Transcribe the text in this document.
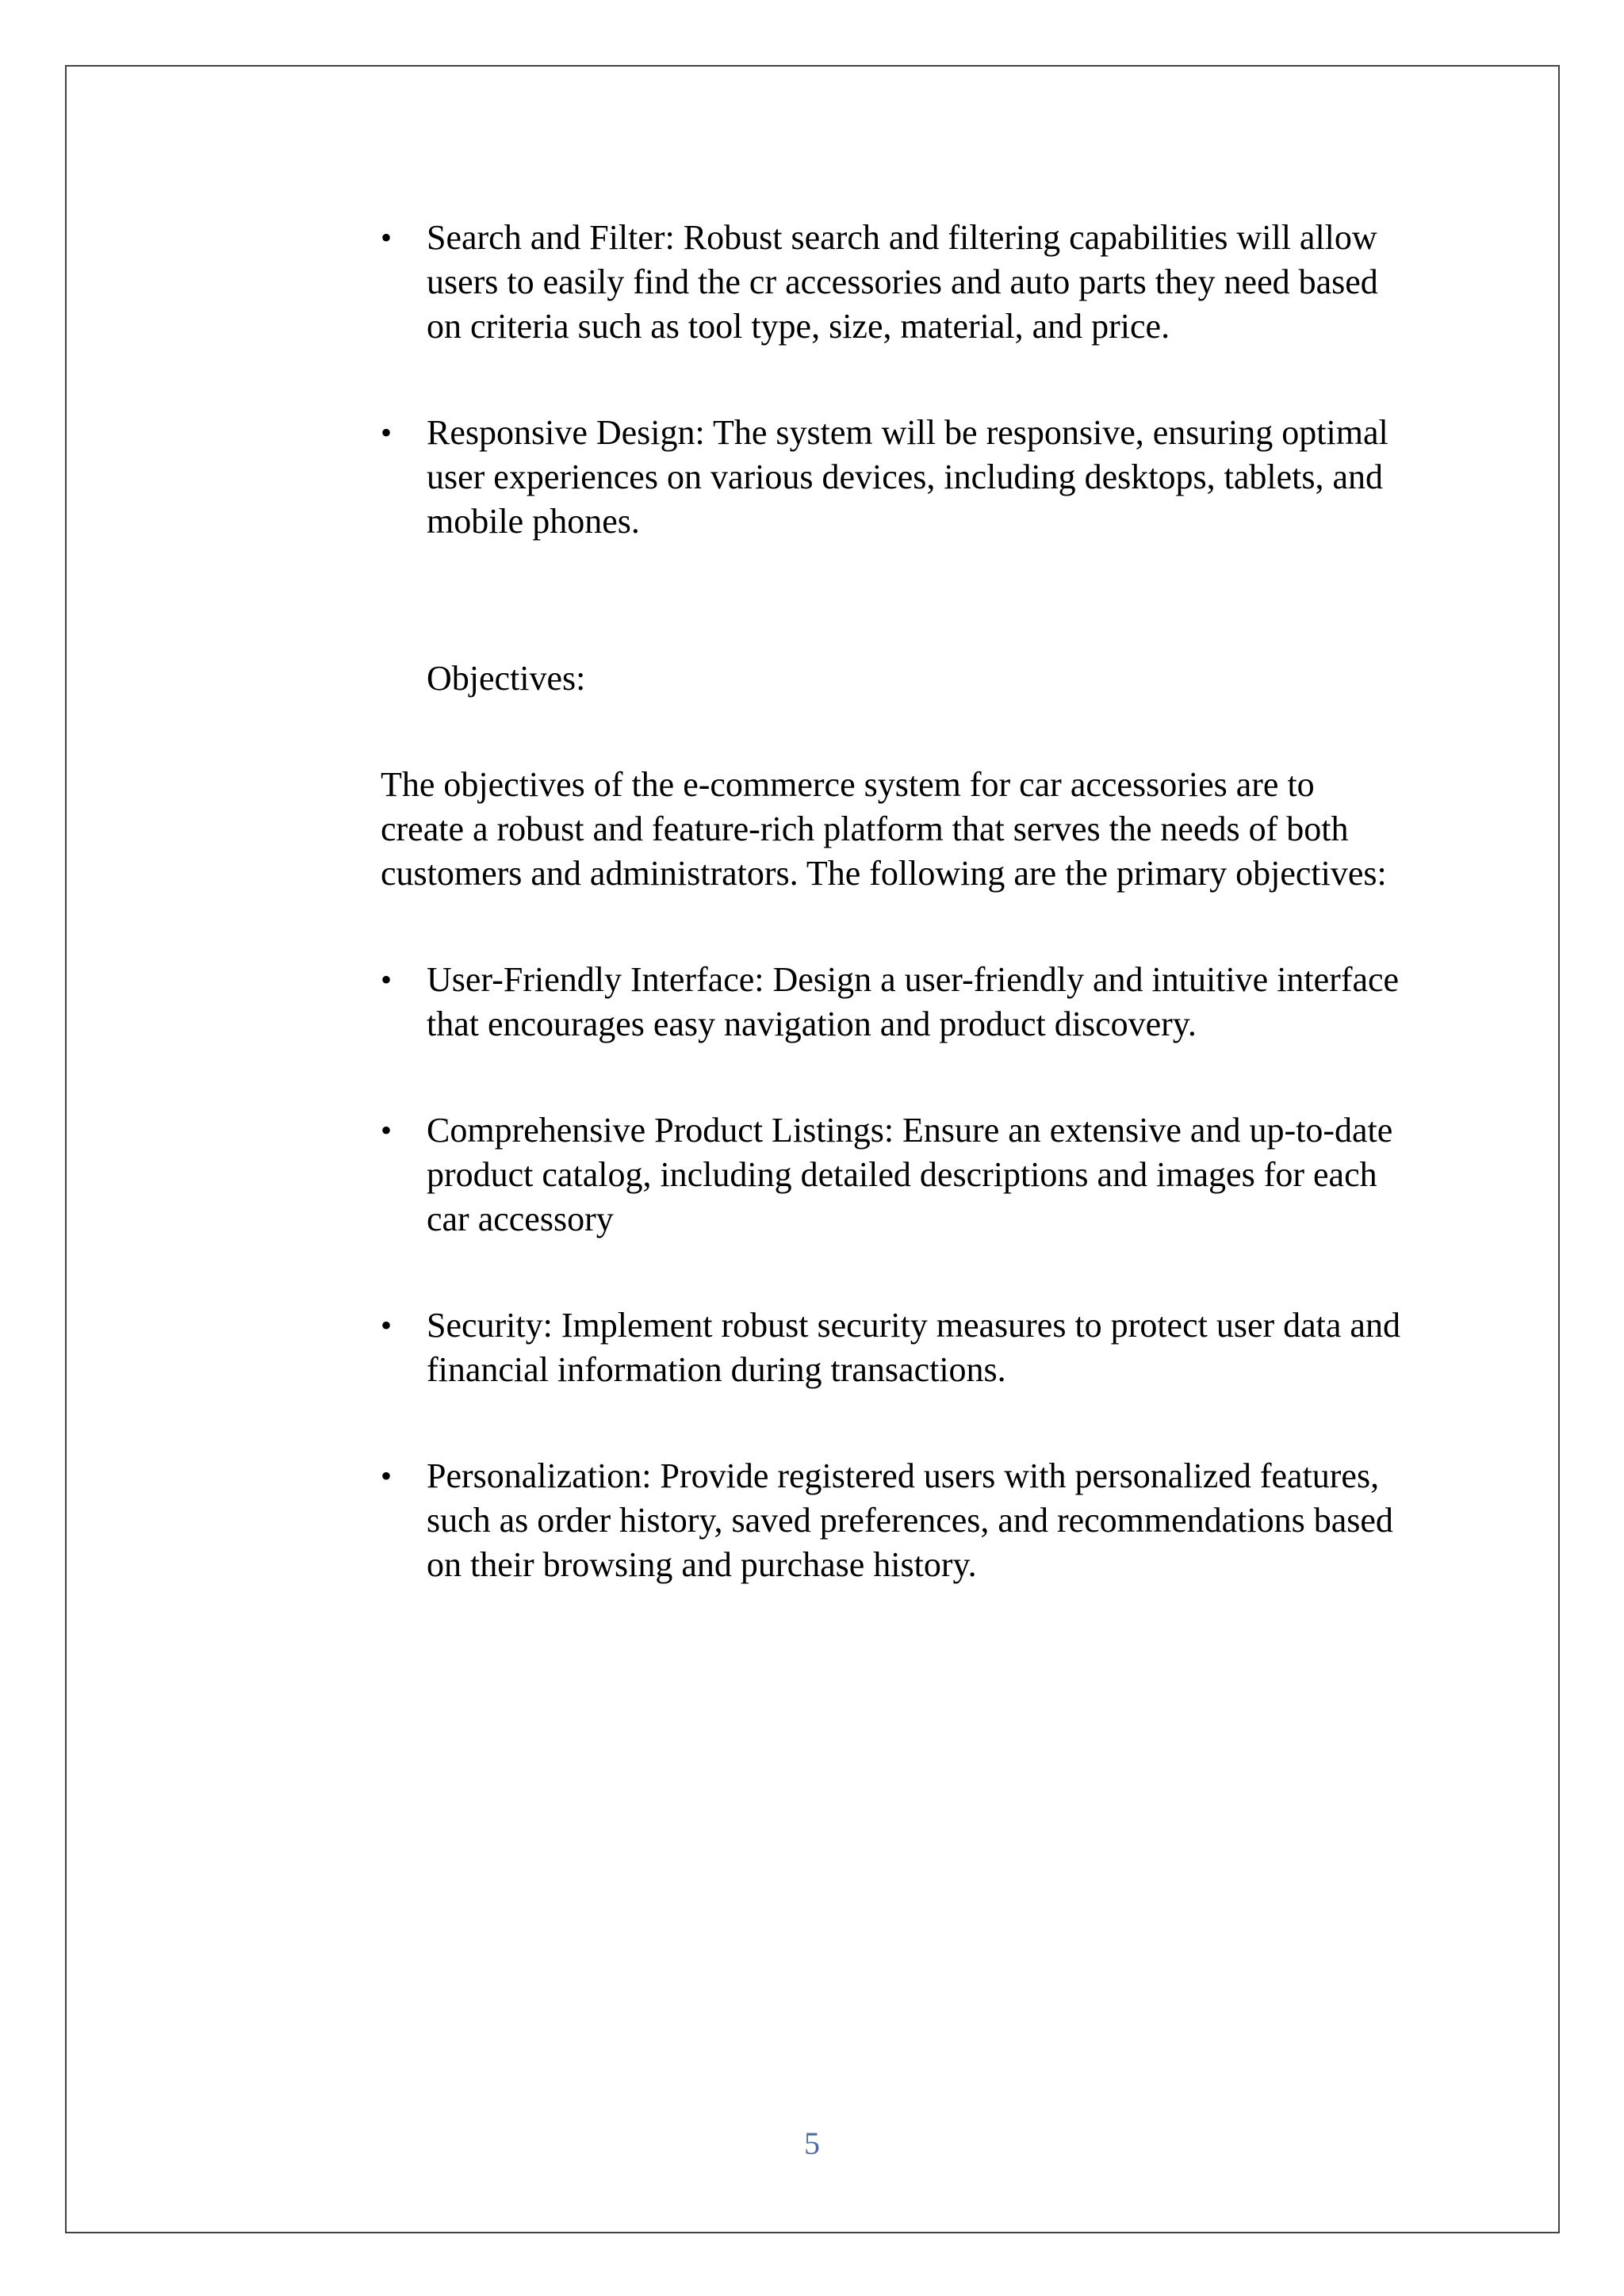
• Search and Filter: Robust search and filtering capabilities will allow users to easily find the cr accessories and auto parts they need based on criteria such as tool type, size, material, and price.
• Responsive Design: The system will be responsive, ensuring optimal user experiences on various devices, including desktops, tablets, and mobile phones.
Objectives:

The objectives of the e-commerce system for car accessories are to create a robust and feature-rich platform that serves the needs of both customers and administrators. The following are the primary objectives:

• User-Friendly Interface: Design a user-friendly and intuitive interface that encourages easy navigation and product discovery.
• Comprehensive Product Listings: Ensure an extensive and up-to-date product catalog, including detailed descriptions and images for each car accessory
• Security: Implement robust security measures to protect user data and financial information during transactions.
• Personalization: Provide registered users with personalized features, such as order history, saved preferences, and recommendations based on their browsing and purchase history.
5
